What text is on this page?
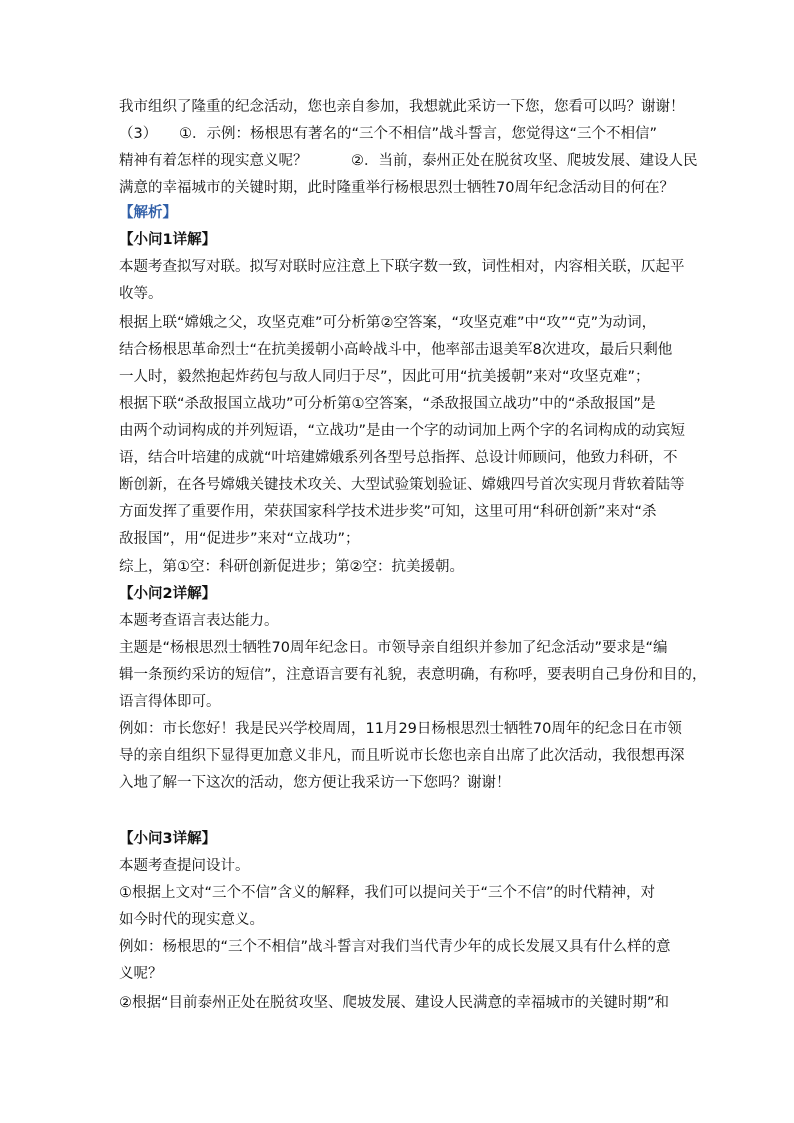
我市组织了隆重的纪念活动，您也亲自参加，我想就此采访一下您，您看可以吗？谢谢！
（3）　　①．示例：杨根思有著名的“三个不相信”战斗誓言，您觉得这“三个不相信”
精神有着怎样的现实意义呢？　　　②．当前，泰州正处在脱贫攻坚、爬坡发展、建设人民
满意的幸福城市的关键时期，此时隆重举行杨根思烈士牺牲70周年纪念活动目的何在？
【解析】
【小问1详解】
本题考查拟写对联。拟写对联时应注意上下联字数一致，词性相对，内容相关联，仄起平
收等。
根据上联“嫦娥之父，攻坚克难”可分析第②空答案，“攻坚克难”中“攻”“克”为动词，
结合杨根思革命烈士“在抗美援朝小高岭战斗中，他率部击退美军8次进攻，最后只剩他
一人时，毅然抱起炸药包与敌人同归于尽”，因此可用“抗美援朝”来对“攻坚克难”；
根据下联“杀敌报国立战功”可分析第①空答案，“杀敌报国立战功”中的“杀敌报国”是
由两个动词构成的并列短语，“立战功”是由一个字的动词加上两个字的名词构成的动宾短
语，结合叶培建的成就“叶培建嫦娥系列各型号总指挥、总设计师顾问，他致力科研，不
断创新，在各号嫦娥关键技术攻关、大型试验策划验证、嫦娥四号首次实现月背软着陆等
方面发挥了重要作用，荣获国家科学技术进步奖”可知，这里可用“科研创新”来对“杀
敌报国”，用“促进步”来对“立战功”；
综上，第①空：科研创新促进步；第②空：抗美援朝。
【小问2详解】
本题考查语言表达能力。
主题是“杨根思烈士牺牲70周年纪念日。市领导亲自组织并参加了纪念活动”要求是“编
辑一条预约采访的短信”，注意语言要有礼貌，表意明确，有称呼，要表明自己身份和目的，
语言得体即可。
例如：市长您好！我是民兴学校周周，11月29日杨根思烈士牺牲70周年的纪念日在市领
导的亲自组织下显得更加意义非凡，而且听说市长您也亲自出席了此次活动，我很想再深
入地了解一下这次的活动，您方便让我采访一下您吗？谢谢！
【小问3详解】
本题考查提问设计。
①根据上文对“三个不信”含义的解释，我们可以提问关于“三个不信”的时代精神，对
如今时代的现实意义。
例如：杨根思的“三个不相信”战斗誓言对我们当代青少年的成长发展又具有什么样的意
义呢？
②根据“目前泰州正处在脱贫攻坚、爬坡发展、建设人民满意的幸福城市的关键时期”和
